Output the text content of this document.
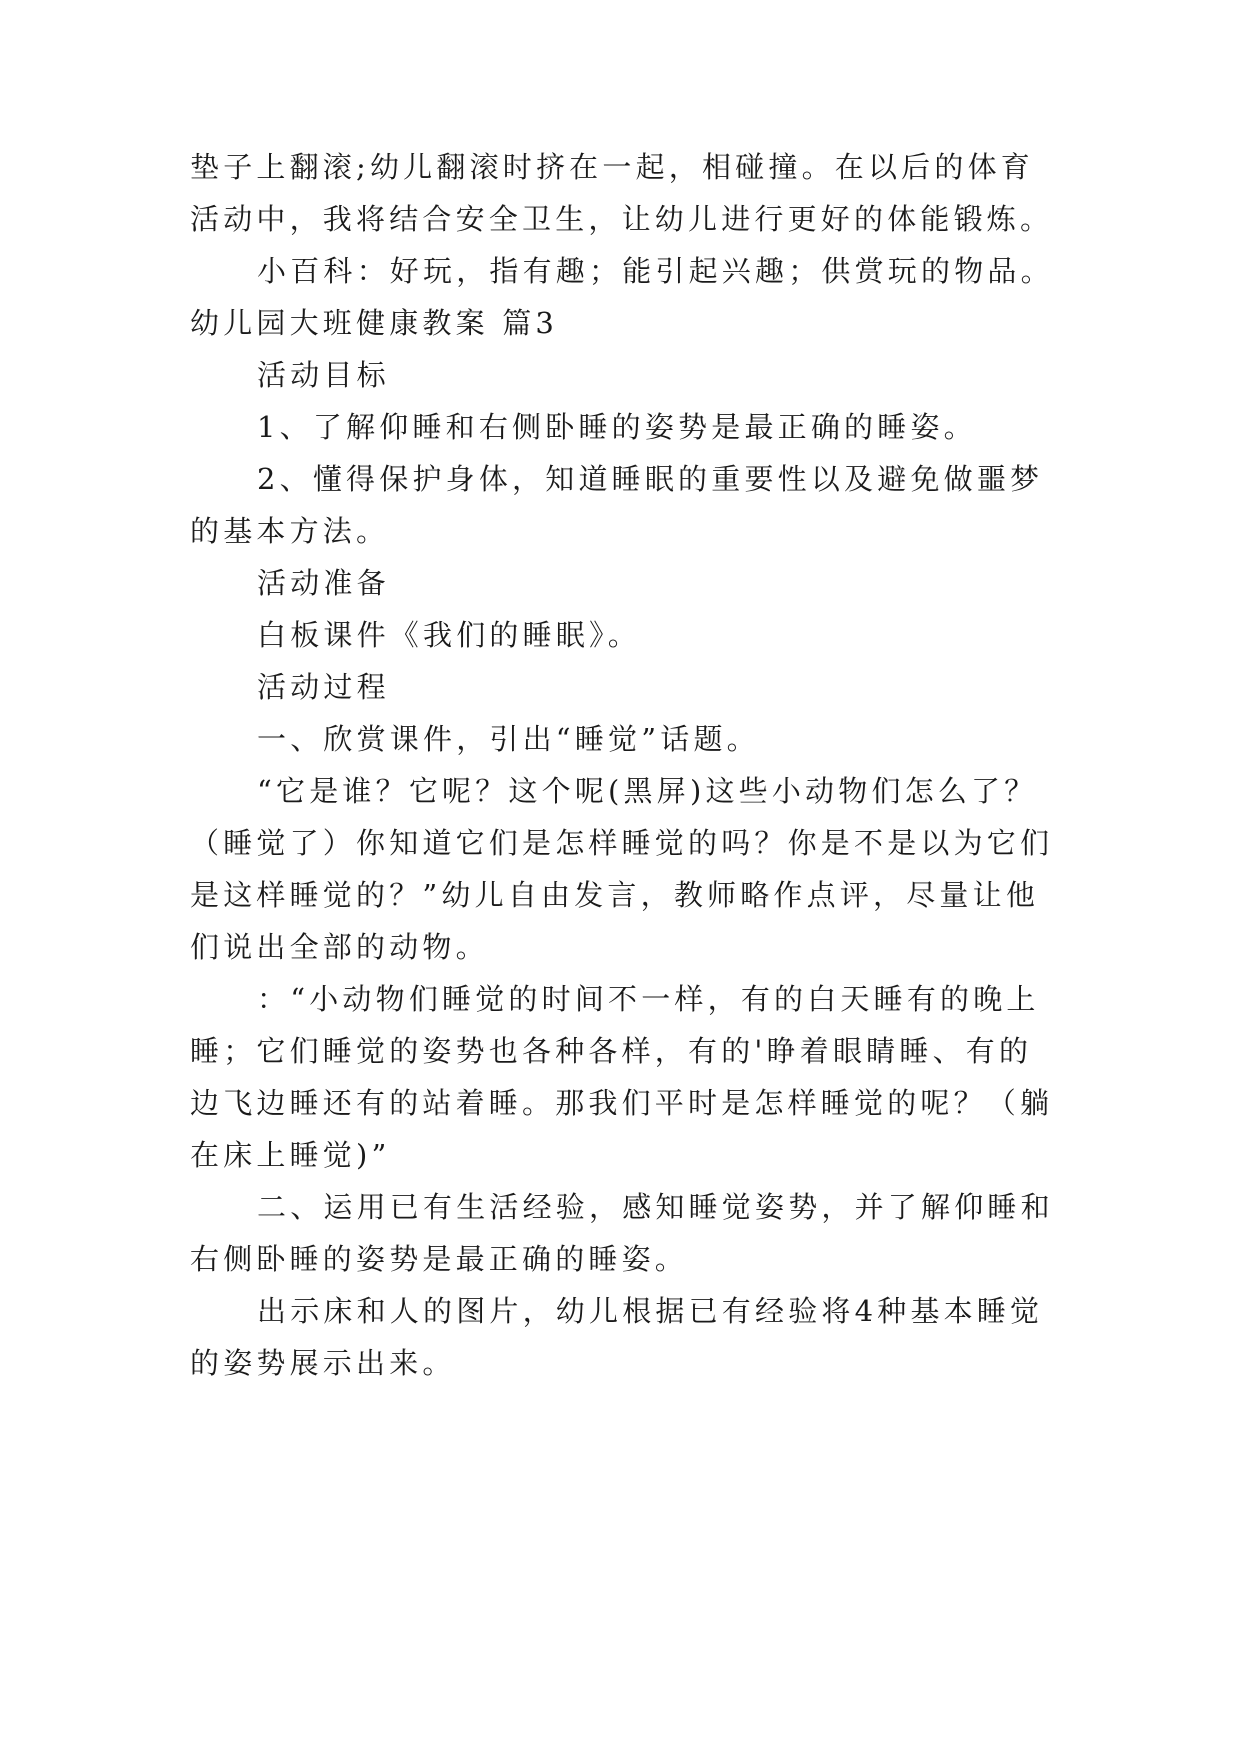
垫子上翻滚;幼儿翻滚时挤在一起，相碰撞。在以后的体育
活动中，我将结合安全卫生，让幼儿进行更好的体能锻炼。
小百科：好玩，指有趣；能引起兴趣；供赏玩的物品。
幼儿园大班健康教案 篇3
活动目标
1、了解仰睡和右侧卧睡的姿势是最正确的睡姿。
2、懂得保护身体，知道睡眠的重要性以及避免做噩梦
的基本方法。
活动准备
白板课件《我们的睡眠》。
活动过程
一、欣赏课件，引出“睡觉”话题。
“它是谁？它呢？这个呢(黑屏)这些小动物们怎么了？
（睡觉了）你知道它们是怎样睡觉的吗？你是不是以为它们
是这样睡觉的？”幼儿自由发言，教师略作点评，尽量让他
们说出全部的动物。
：“小动物们睡觉的时间不一样，有的白天睡有的晚上
睡；它们睡觉的姿势也各种各样，有的'睁着眼睛睡、有的
边飞边睡还有的站着睡。那我们平时是怎样睡觉的呢？（躺
在床上睡觉)”
二、运用已有生活经验，感知睡觉姿势，并了解仰睡和
右侧卧睡的姿势是最正确的睡姿。
出示床和人的图片，幼儿根据已有经验将4种基本睡觉
的姿势展示出来。
